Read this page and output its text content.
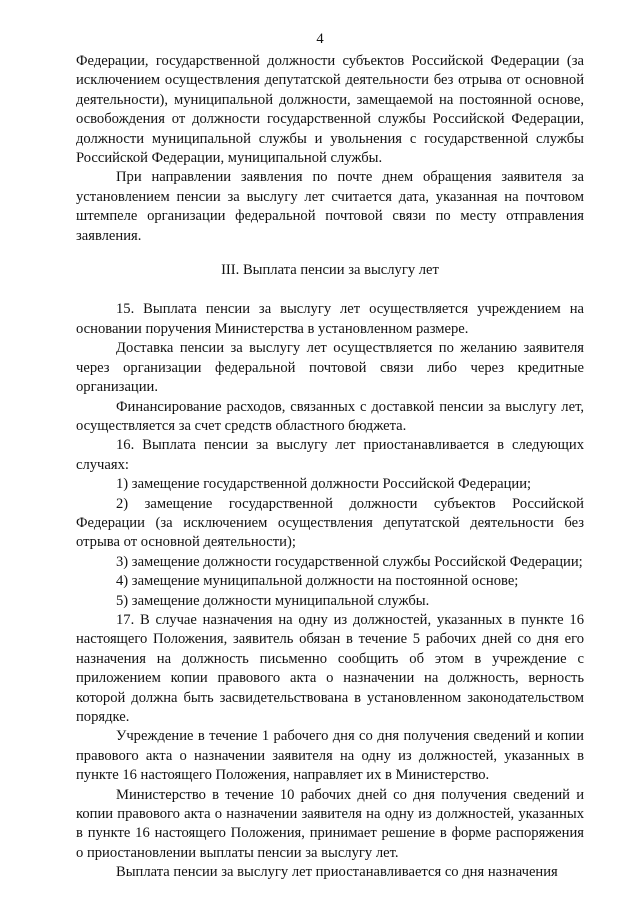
4

Федерации, государственной должности субъектов Российской Федерации (за исключением осуществления депутатской деятельности без отрыва от основной деятельности), муниципальной должности, замещаемой на постоянной основе, освобождения от должности государственной службы Российской Федерации, должности муниципальной службы и увольнения с государственной службы Российской Федерации, муниципальной службы.

При направлении заявления по почте днем обращения заявителя за установлением пенсии за выслугу лет считается дата, указанная на почтовом штемпеле организации федеральной почтовой связи по месту отправления заявления.

III. Выплата пенсии за выслугу лет

15. Выплата пенсии за выслугу лет осуществляется учреждением на основании поручения Министерства в установленном размере.

Доставка пенсии за выслугу лет осуществляется по желанию заявителя через организации федеральной почтовой связи либо через кредитные организации.

Финансирование расходов, связанных с доставкой пенсии за выслугу лет, осуществляется за счет средств областного бюджета.

16. Выплата пенсии за выслугу лет приостанавливается в следующих случаях:

1) замещение государственной должности Российской Федерации;

2) замещение государственной должности субъектов Российской Федерации (за исключением осуществления депутатской деятельности без отрыва от основной деятельности);

3) замещение должности государственной службы Российской Федерации;

4) замещение муниципальной должности на постоянной основе;

5) замещение должности муниципальной службы.

17. В случае назначения на одну из должностей, указанных в пункте 16 настоящего Положения, заявитель обязан в течение 5 рабочих дней со дня его назначения на должность письменно сообщить об этом в учреждение с приложением копии правового акта о назначении на должность, верность которой должна быть засвидетельствована в установленном законодательством порядке.

Учреждение в течение 1 рабочего дня со дня получения сведений и копии правового акта о назначении заявителя на одну из должностей, указанных в пункте 16 настоящего Положения, направляет их в Министерство.

Министерство в течение 10 рабочих дней со дня получения сведений и копии правового акта о назначении заявителя на одну из должностей, указанных в пункте 16 настоящего Положения, принимает решение в форме распоряжения о приостановлении выплаты пенсии за выслугу лет.

Выплата пенсии за выслугу лет приостанавливается со дня назначения
